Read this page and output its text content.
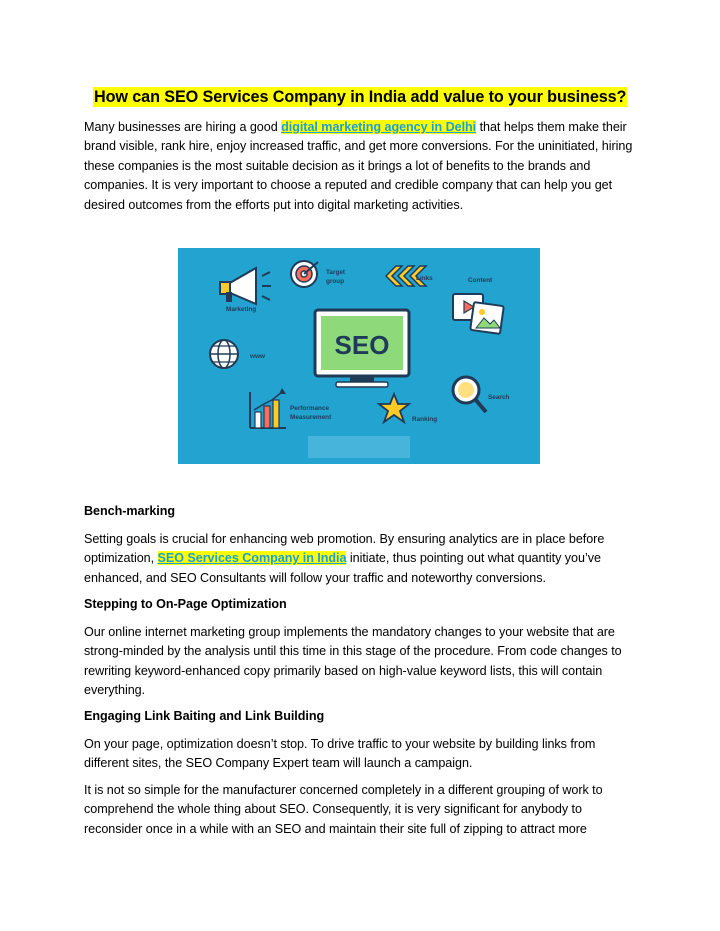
How can SEO Services Company in India add value to your business?

Many businesses are hiring a good digital marketing agency in Delhi that helps them make their brand visible, rank hire, enjoy increased traffic, and get more conversions. For the uninitiated, hiring these companies is the most suitable decision as it brings a lot of benefits to the brands and companies. It is very important to choose a reputed and credible company that can help you get desired outcomes from the efforts put into digital marketing activities.

SEO
Marketing
Target
group	Links	Content
www
Search
Performance
Measurement	Ranking

Bench-marking

Setting goals is crucial for enhancing web promotion. By ensuring analytics are in place before optimization, SEO Services Company in India initiate, thus pointing out what quantity you’ve enhanced, and SEO Consultants will follow your traffic and noteworthy conversions.

Stepping to On-Page Optimization

Our online internet marketing group implements the mandatory changes to your website that are strong-minded by the analysis until this time in this stage of the procedure. From code changes to rewriting keyword-enhanced copy primarily based on high-value keyword lists, this will contain everything.

Engaging Link Baiting and Link Building

On your page, optimization doesn’t stop. To drive traffic to your website by building links from different sites, the SEO Company Expert team will launch a campaign.

It is not so simple for the manufacturer concerned completely in a different grouping of work to comprehend the whole thing about SEO. Consequently, it is very significant for anybody to reconsider once in a while with an SEO and maintain their site full of zipping to attract more
